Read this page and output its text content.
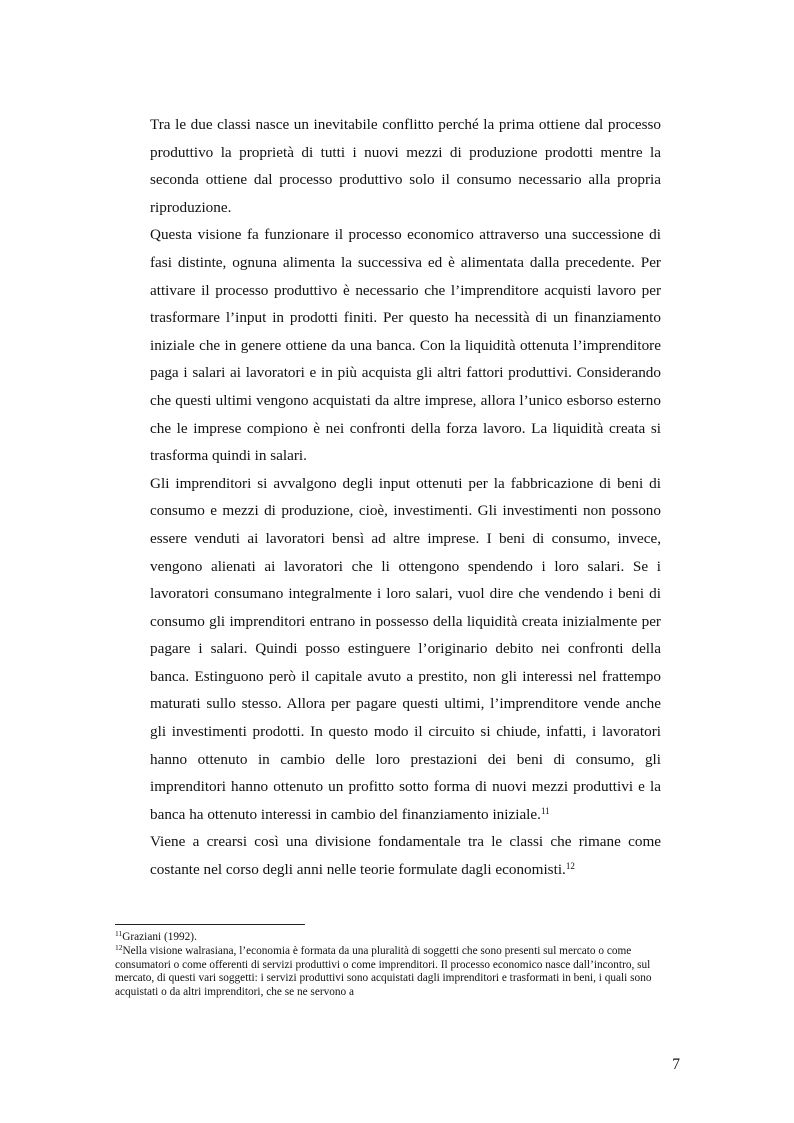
Tra le due classi nasce un inevitabile conflitto perché la prima ottiene dal processo produttivo la proprietà di tutti i nuovi mezzi di produzione prodotti mentre la seconda ottiene dal processo produttivo solo il consumo necessario alla propria riproduzione.

Questa visione fa funzionare il processo economico attraverso una successione di fasi distinte, ognuna alimenta la successiva ed è alimentata dalla precedente. Per attivare il processo produttivo è necessario che l’imprenditore acquisti lavoro per trasformare l’input in prodotti finiti. Per questo ha necessità di un finanziamento iniziale che in genere ottiene da una banca. Con la liquidità ottenuta l’imprenditore paga i salari ai lavoratori e in più acquista gli altri fattori produttivi. Considerando che questi ultimi vengono acquistati da altre imprese, allora l’unico esborso esterno che le imprese compiono è nei confronti della forza lavoro. La liquidità creata si trasforma quindi in salari.

Gli imprenditori si avvalgono degli input ottenuti per la fabbricazione di beni di consumo e mezzi di produzione, cioè, investimenti. Gli investimenti non possono essere venduti ai lavoratori bensì ad altre imprese. I beni di consumo, invece, vengono alienati ai lavoratori che li ottengono spendendo i loro salari. Se i lavoratori consumano integralmente i loro salari, vuol dire che vendendo i beni di consumo gli imprenditori entrano in possesso della liquidità creata inizialmente per pagare i salari. Quindi posso estinguere l’originario debito nei confronti della banca. Estinguono però il capitale avuto a prestito, non gli interessi nel frattempo maturati sullo stesso. Allora per pagare questi ultimi, l’imprenditore vende anche gli investimenti prodotti. In questo modo il circuito si chiude, infatti, i lavoratori hanno ottenuto in cambio delle loro prestazioni dei beni di consumo, gli imprenditori hanno ottenuto un profitto sotto forma di nuovi mezzi produttivi e la banca ha ottenuto interessi in cambio del finanziamento iniziale.$^{11}$

Viene a crearsi così una divisione fondamentale tra le classi che rimane come costante nel corso degli anni nelle teorie formulate dagli economisti.$^{12}$

$^{11}$Graziani (1992).

$^{12}$Nella visione walrasiana, l’economia è formata da una pluralità di soggetti che sono presenti sul mercato o come consumatori o come offerenti di servizi produttivi o come imprenditori. Il processo economico nasce dall’incontro, sul mercato, di questi vari soggetti: i servizi produttivi sono acquistati dagli imprenditori e trasformati in beni, i quali sono acquistati o da altri imprenditori, che se ne servono a

7
